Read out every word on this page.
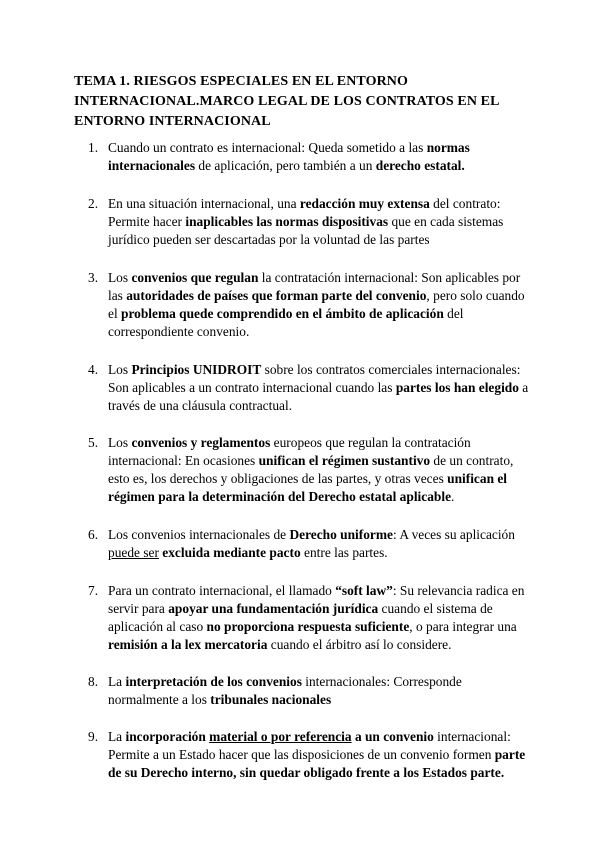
TEMA 1. RIESGOS ESPECIALES EN EL ENTORNO INTERNACIONAL.MARCO LEGAL DE LOS CONTRATOS EN EL ENTORNO INTERNACIONAL
1. Cuando un contrato es internacional: Queda sometido a las normas internacionales de aplicación, pero también a un derecho estatal.
2. En una situación internacional, una redacción muy extensa del contrato: Permite hacer inaplicables las normas dispositivas que en cada sistemas jurídico pueden ser descartadas por la voluntad de las partes
3. Los convenios que regulan la contratación internacional: Son aplicables por las autoridades de países que forman parte del convenio, pero solo cuando el problema quede comprendido en el ámbito de aplicación del correspondiente convenio.
4. Los Principios UNIDROIT sobre los contratos comerciales internacionales: Son aplicables a un contrato internacional cuando las partes los han elegido a través de una cláusula contractual.
5. Los convenios y reglamentos europeos que regulan la contratación internacional: En ocasiones unifican el régimen sustantivo de un contrato, esto es, los derechos y obligaciones de las partes, y otras veces unifican el régimen para la determinación del Derecho estatal aplicable.
6. Los convenios internacionales de Derecho uniforme: A veces su aplicación puede ser excluida mediante pacto entre las partes.
7. Para un contrato internacional, el llamado “soft law”: Su relevancia radica en servir para apoyar una fundamentación jurídica cuando el sistema de aplicación al caso no proporciona respuesta suficiente, o para integrar una remisión a la lex mercatoria cuando el árbitro así lo considere.
8. La interpretación de los convenios internacionales: Corresponde normalmente a los tribunales nacionales
9. La incorporación material o por referencia a un convenio internacional: Permite a un Estado hacer que las disposiciones de un convenio formen parte de su Derecho interno, sin quedar obligado frente a los Estados parte.
